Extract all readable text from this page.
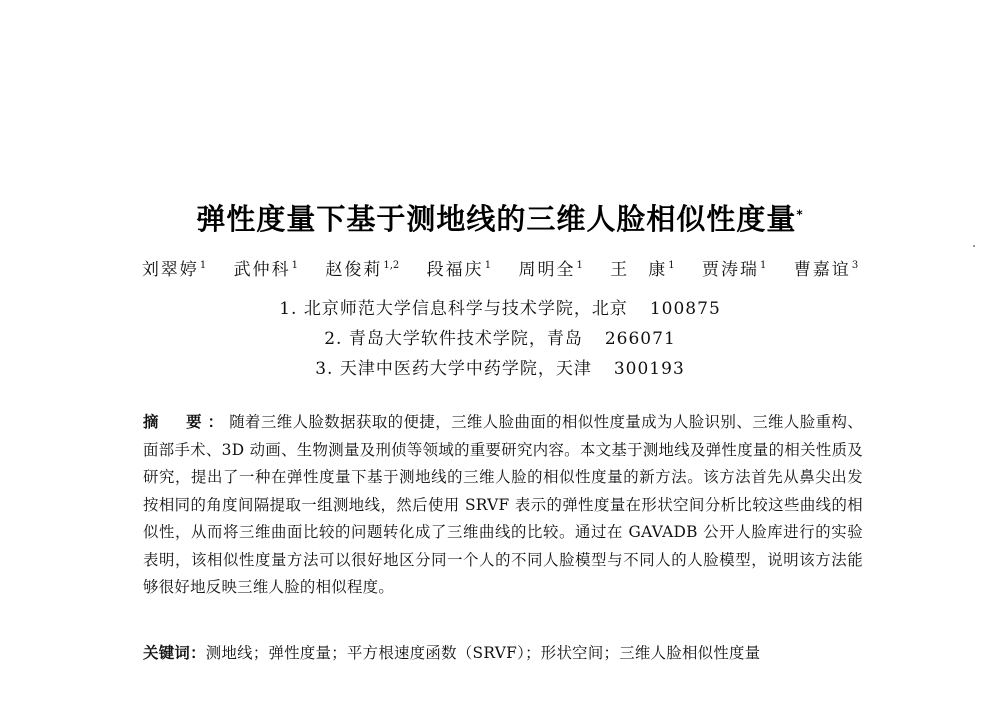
弹性度量下基于测地线的三维人脸相似性度量*
刘翠婷$^1$ 武仲科$^1$ 赵俊莉$^{1,2}$ 段福庆$^1$ 周明全$^1$ 王　康$^1$ 贾涛瑞$^1$ 曹嘉谊$^3$
1. 北京师范大学信息科学与技术学院，北京 100875
2. 青岛大学软件技术学院，青岛 266071
3. 天津中医药大学中药学院，天津 300193
摘　要：随着三维人脸数据获取的便捷，三维人脸曲面的相似性度量成为人脸识别、三维人脸重构、面部手术、3D 动画、生物测量及刑侦等领域的重要研究内容。本文基于测地线及弹性度量的相关性质及研究，提出了一种在弹性度量下基于测地线的三维人脸的相似性度量的新方法。该方法首先从鼻尖出发按相同的角度间隔提取一组测地线，然后使用 SRVF 表示的弹性度量在形状空间分析比较这些曲线的相似性，从而将三维曲面比较的问题转化成了三维曲线的比较。通过在 GAVADB 公开人脸库进行的实验表明，该相似性度量方法可以很好地区分同一个人的不同人脸模型与不同人的人脸模型，说明该方法能够很好地反映三维人脸的相似程度。
关键词：测地线；弹性度量；平方根速度函数（SRVF）；形状空间；三维人脸相似性度量
